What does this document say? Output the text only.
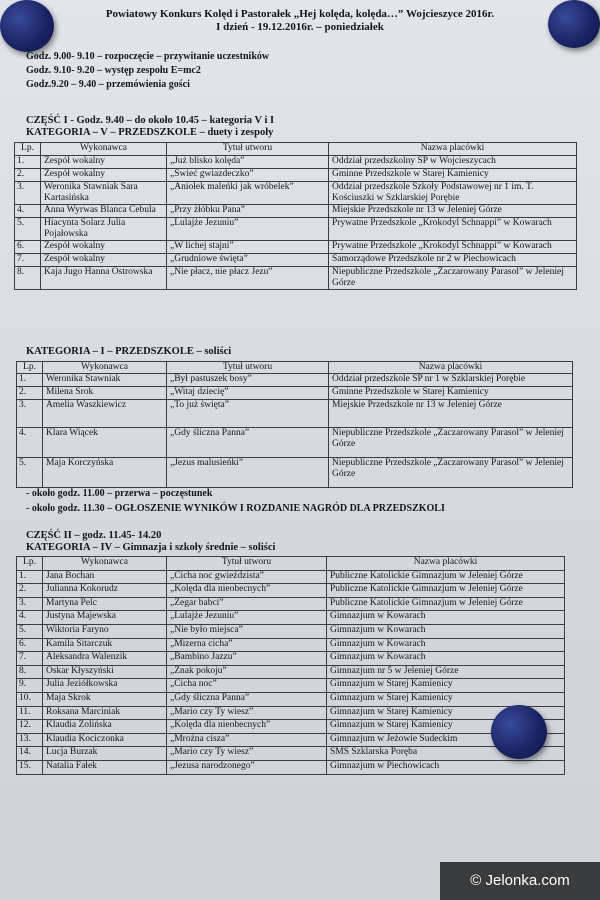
Powiatowy Konkurs Kolęd i Pastorałek „Hej kolęda, kolęda…” Wojcieszyce 2016r.
I dzień - 19.12.2016r. – poniedziałek
Godz. 9.00- 9.10 – rozpoczęcie – przywitanie uczestników
Godz. 9.10- 9.20 – występ zespołu E=mc2
Godz.9.20 – 9.40 – przemówienia gości
CZĘŚĆ I - Godz. 9.40 – do około 10.45 – kategoria V i I
KATEGORIA – V – PRZEDSZKOLE – duety i zespoły
Lp.	Wykonawca	Tytuł utworu	Nazwa placówki
1.	Zespół wokalny	„Już blisko kolęda”	Oddział przedszkolny SP w Wojcieszycach
2.	Zespół wokalny	„Świeć gwiazdeczko”	Gminne Przedszkole w Starej Kamienicy
3.	Weronika Stawniak Sara Kartasińska	„Aniołek maleńki jak wróbelek”	Oddział przedszkole Szkoły Podstawowej nr 1 im. T. Kościuszki w Szklarskiej Porębie
4.	Anna Wyrwas Blanca Cebula	„Przy żłóbku Pana”	Miejskie Przedszkole nr 13 w Jeleniej Górze
5.	Hiacynta Solarz Julia Pojałowska	„Lulajże Jezuniu”	Prywatne Przedszkole „Krokodyl Schnappi” w Kowarach
6.	Zespół wokalny	„W lichej stajni”	Prywatne Przedszkole „Krokodyl Schnappi” w Kowarach
7.	Zespół wokalny	„Grudniowe święta”	Samorządowe Przedszkole nr 2 w Piechowicach
8.	Kaja Jugo Hanna Ostrowska	„Nie płacz, nie płacz Jezu”	Niepubliczne Przedszkole „Zaczarowany Parasol” w Jeleniej Górze
KATEGORIA – I – PRZEDSZKOLE – soliści
Lp.	Wykonawca	Tytuł utworu	Nazwa placówki
1.	Weronika Stawniak	„Był pastuszek bosy”	Oddział przedszkole SP nr 1 w Szklarskiej Porębie
2.	Milena Srok	„Witaj dziecię”	Gminne Przedszkole w Starej Kamienicy
3.	Amelia Waszkiewicz	„To już święta”	Miejskie Przedszkole nr 13 w Jeleniej Górze
4.	Klara Wiącek	„Gdy śliczna Panna”	Niepubliczne Przedszkole „Zaczarowany Parasol” w Jeleniej Górze
5.	Maja Korczyńska	„Jezus malusieńki”	Niepubliczne Przedszkole „Zaczarowany Parasol” w Jeleniej Górze
- około godz. 11.00 – przerwa – poczęstunek
- około godz. 11.30 – OGŁOSZENIE WYNIKÓW I ROZDANIE NAGRÓD DLA PRZEDSZKOLI
CZĘŚĆ II – godz. 11.45- 14.20
KATEGORIA – IV – Gimnazja i szkoły średnie – soliści
Lp.	Wykonawca	Tytuł utworu	Nazwa placówki
1.	Jana Bochan	„Cicha noc gwieździsta”	Publiczne Katolickie Gimnazjum w Jeleniej Górze
2.	Julianna Kokorudz	„Kolęda dla nieobecnych”	Publiczne Katolickie Gimnazjum w Jeleniej Górze
3.	Martyna Pelc	„Zegar babci”	Publiczne Katolickie Gimnazjum w Jeleniej Górze
4.	Justyna Majewska	„Lulajże Jezuniu”	Gimnazjum w Kowarach
5.	Wiktoria Faryno	„Nie było miejsca”	Gimnazjum w Kowarach
6.	Kamila Sitarczuk	„Mizerna cicha”	Gimnazjum w Kowarach
7.	Aleksandra Walenzik	„Bambino Jazzu”	Gimnazjum w Kowarach
8.	Oskar Kłyszyński	„Znak pokoju”	Gimnazjum nr 5 w Jeleniej Górze
9.	Julia Jeziółkowska	„Cicha noc”	Gimnazjum w Starej Kamienicy
10.	Maja Skrok	„Gdy śliczna Panna”	Gimnazjum w Starej Kamienicy
11.	Roksana Marciniak	„Mario czy Ty wiesz”	Gimnazjum w Starej Kamienicy
12.	Klaudia Zolińska	„Kolęda dla nieobecnych”	Gimnazjum w Starej Kamienicy
13.	Klaudia Kociczonka	„Mroźna cisza”	Gimnazjum w Jeżowie Sudeckim
14.	Lucja Burzak	„Mario czy Ty wiesz”	SMS Szklarska Poręba
15.	Natalia Fałek	„Jezusa narodzonego”	Gimnazjum w Piechowicach
© Jelonka.com
